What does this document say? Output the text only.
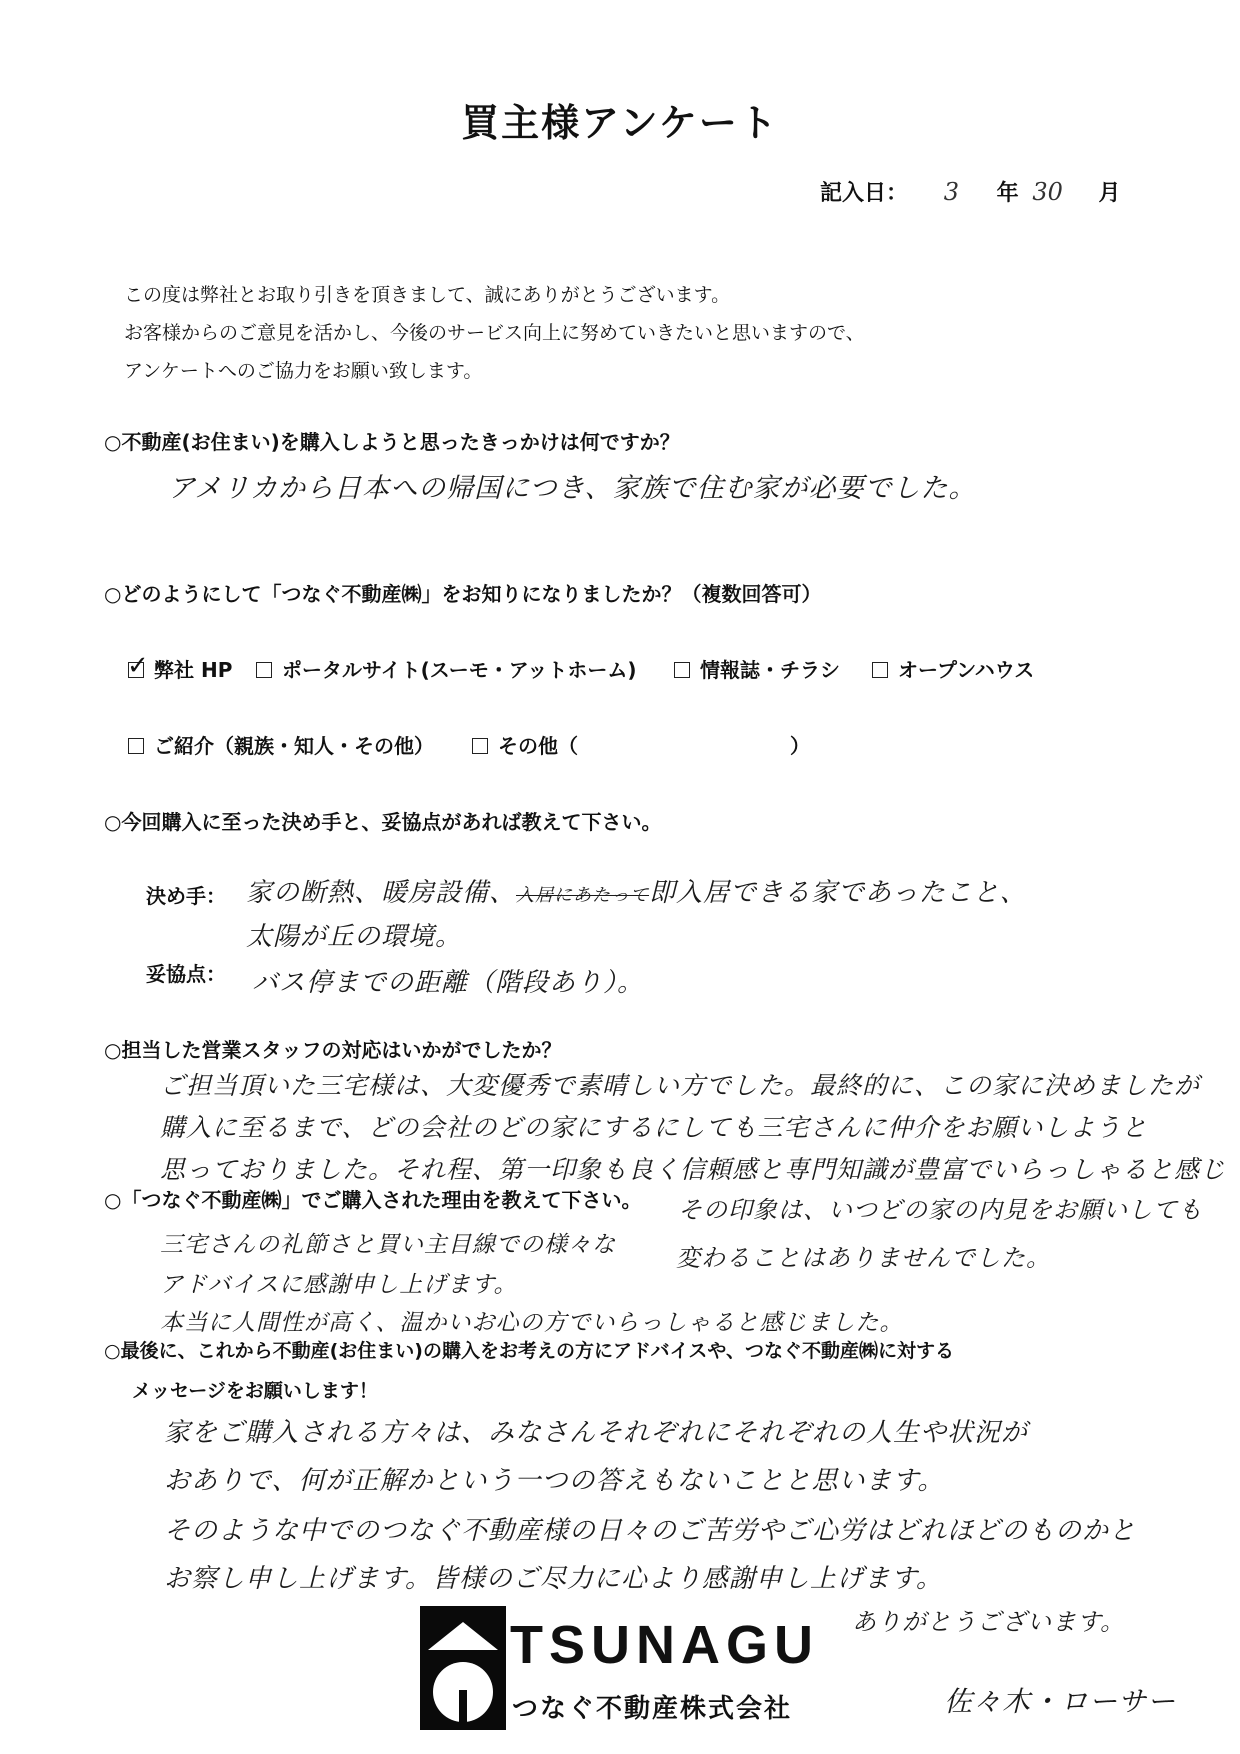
買主様アンケート
記入日： 3 年 30 月
この度は弊社とお取り引きを頂きまして、誠にありがとうございます。
お客様からのご意見を活かし、今後のサービス向上に努めていきたいと思いますので、
アンケートへのご協力をお願い致します。
○不動産(お住まい)を購入しようと思ったきっかけは何ですか？
アメリカから日本への帰国につき、家族で住む家が必要でした。
○どのようにして「つなぐ不動産㈱」をお知りになりましたか？（複数回答可）
✓ 弊社 HP	ポータルサイト(スーモ・アットホーム)	情報誌・チラシ	オープンハウス
ご紹介（親族・知人・その他）	その他（	）
○今回購入に至った決め手と、妥協点があれば教えて下さい。
決め手： 家の断熱、暖房設備、入居にあたって即入居できる家であったこと、
太陽が丘の環境。
妥協点： バス停までの距離（階段あり）。
○担当した営業スタッフの対応はいかがでしたか？
ご担当頂いた三宅様は、大変優秀で素晴しい方でした。最終的に、この家に決めましたが
購入に至るまで、どの会社のどの家にするにしても三宅さんに仲介をお願いしようと
思っておりました。それ程、第一印象も良く信頼感と専門知識が豊富でいらっしゃると感じ
その印象は、いつどの家の内見をお願いしても
変わることはありませんでした。
○「つなぐ不動産㈱」でご購入された理由を教えて下さい。
三宅さんの礼節さと買い主目線での様々な
アドバイスに感謝申し上げます。
本当に人間性が高く、温かいお心の方でいらっしゃると感じました。
○最後に、これから不動産(お住まい)の購入をお考えの方にアドバイスや、つなぐ不動産㈱に対する
メッセージをお願いします！
家をご購入される方々は、みなさんそれぞれにそれぞれの人生や状況が
おありで、何が正解かという一つの答えもないことと思います。
そのような中でのつなぐ不動産様の日々のご苦労やご心労はどれほどのものかと
お察し申し上げます。皆様のご尽力に心より感謝申し上げます。
ありがとうございます。
佐々木・ローサー
TSUNAGU
つなぐ不動産株式会社
